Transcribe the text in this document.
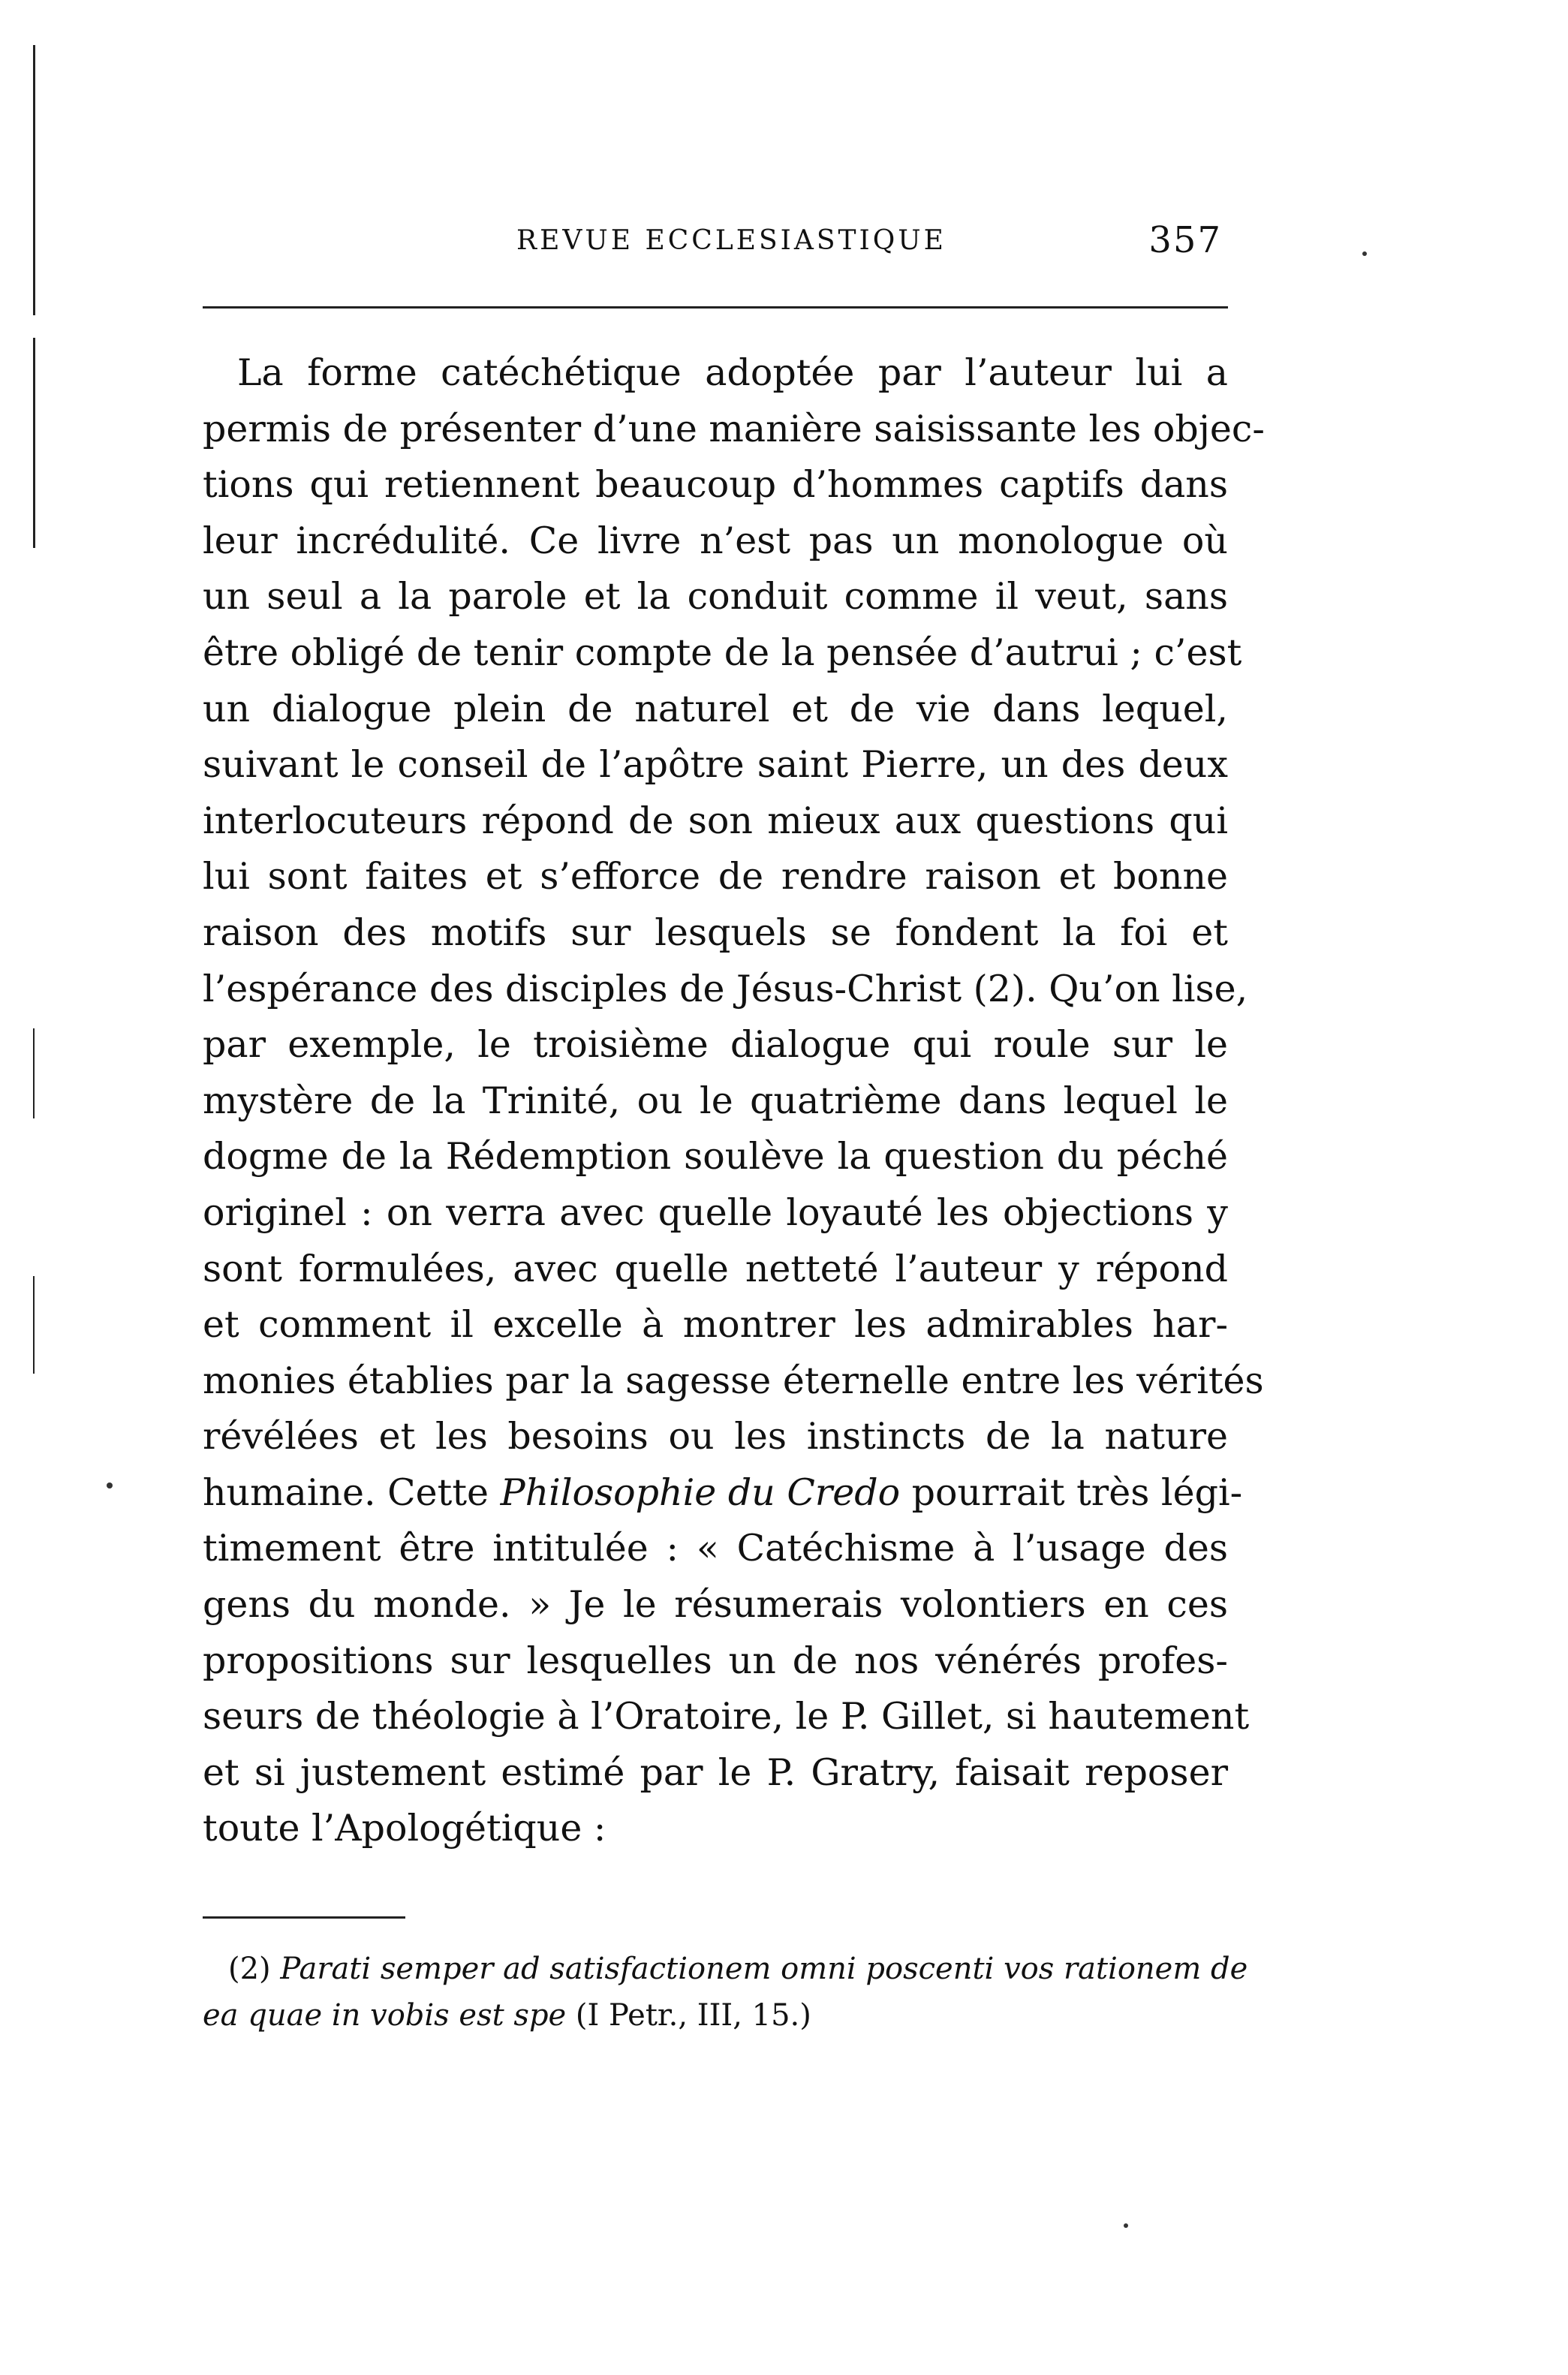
REVUE ECCLESIASTIQUE	357
La forme catéchétique adoptée par l’auteur lui a
permis de présenter d’une manière saisissante les objec-
tions qui retiennent beaucoup d’hommes captifs dans
leur incrédulité. Ce livre n’est pas un monologue où
un seul a la parole et la conduit comme il veut, sans
être obligé de tenir compte de la pensée d’autrui ; c’est
un dialogue plein de naturel et de vie dans lequel,
suivant le conseil de l’apôtre saint Pierre, un des deux
interlocuteurs répond de son mieux aux questions qui
lui sont faites et s’efforce de rendre raison et bonne
raison des motifs sur lesquels se fondent la foi et
l’espérance des disciples de Jésus-Christ (2). Qu’on lise,
par exemple, le troisième dialogue qui roule sur le
mystère de la Trinité, ou le quatrième dans lequel le
dogme de la Rédemption soulève la question du péché
originel : on verra avec quelle loyauté les objections y
sont formulées, avec quelle netteté l’auteur y répond
et comment il excelle à montrer les admirables har-
monies établies par la sagesse éternelle entre les vérités
révélées et les besoins ou les instincts de la nature
humaine. Cette Philosophie du Credo pourrait très légi-
timement être intitulée : « Catéchisme à l’usage des
gens du monde. » Je le résumerais volontiers en ces
propositions sur lesquelles un de nos vénérés profes-
seurs de théologie à l’Oratoire, le P. Gillet, si hautement
et si justement estimé par le P. Gratry, faisait reposer
toute l’Apologétique :
(2) Parati semper ad satisfactionem omni poscenti vos rationem de
ea quae in vobis est spe (I Petr., III, 15.)
